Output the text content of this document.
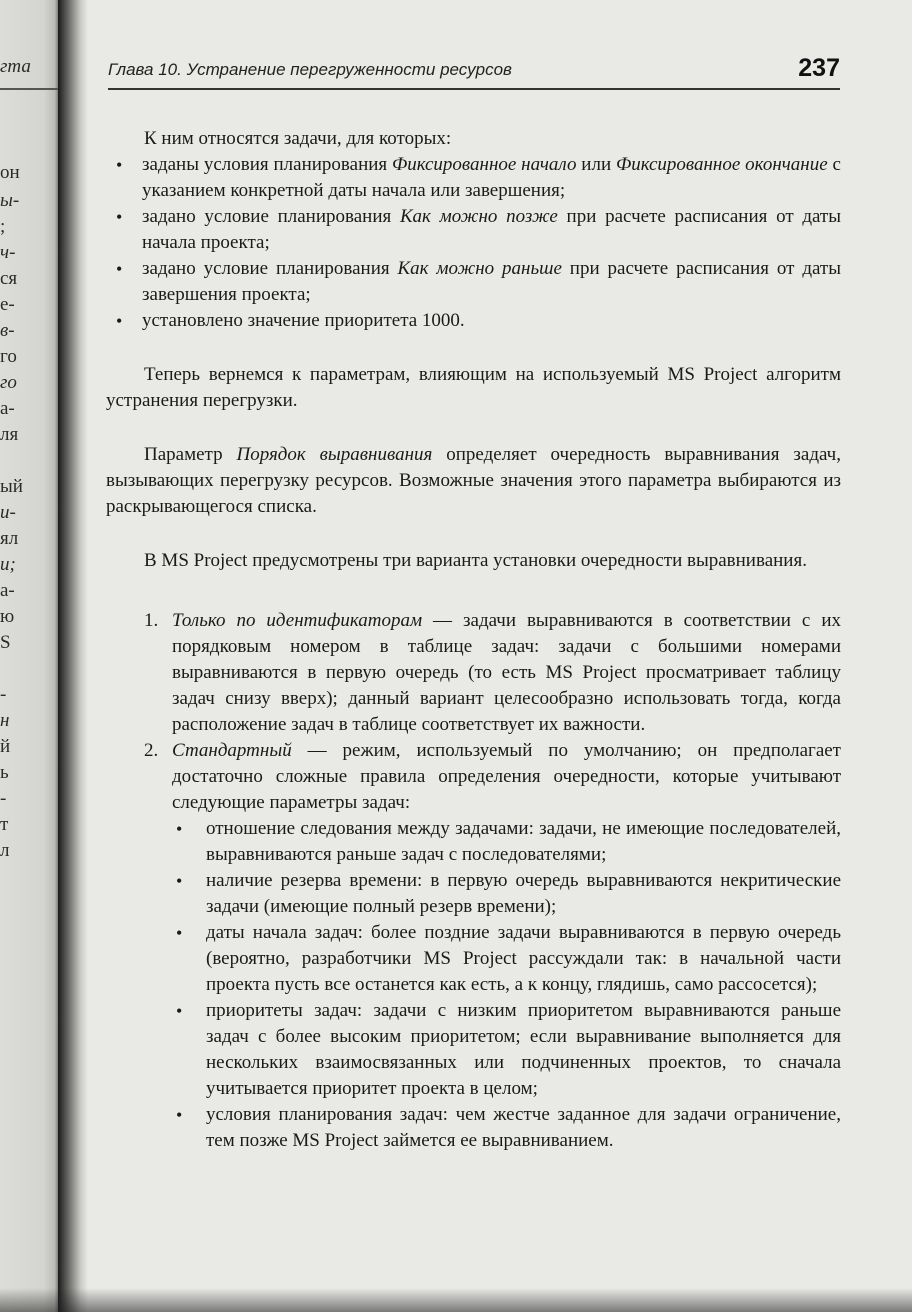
гта
он
ы-
;
ч-
ся
е-
в-
го
го
а-
ля
ый
и-
ял
и;
а-
ю
S
-
н
й
ь
-
т
л
Глава 10. Устранение перегруженности ресурсов	237

К ним относятся задачи, для которых:

• заданы условия планирования Фиксированное начало или Фиксированное окончание с указанием конкретной даты начала или завершения;
• задано условие планирования Как можно позже при расчете расписания от даты начала проекта;
• задано условие планирования Как можно раньше при расчете расписания от даты завершения проекта;
• установлено значение приоритета 1000.

Теперь вернемся к параметрам, влияющим на используемый MS Project алгоритм устранения перегрузки.

Параметр Порядок выравнивания определяет очередность выравнивания задач, вызывающих перегрузку ресурсов. Возможные значения этого параметра выбираются из раскрывающегося списка.

В MS Project предусмотрены три варианта установки очередности выравнивания.

1. Только по идентификаторам — задачи выравниваются в соответствии с их порядковым номером в таблице задач: задачи с большими номерами выравниваются в первую очередь (то есть MS Project просматривает таблицу задач снизу вверх); данный вариант целесообразно использовать тогда, когда расположение задач в таблице соответствует их важности.
2. Стандартный — режим, используемый по умолчанию; он предполагает достаточно сложные правила определения очередности, которые учитывают следующие параметры задач:
• отношение следования между задачами: задачи, не имеющие последователей, выравниваются раньше задач с последователями;
• наличие резерва времени: в первую очередь выравниваются некритические задачи (имеющие полный резерв времени);
• даты начала задач: более поздние задачи выравниваются в первую очередь (вероятно, разработчики MS Project рассуждали так: в начальной части проекта пусть все останется как есть, а к концу, глядишь, само рассосется);
• приоритеты задач: задачи с низким приоритетом выравниваются раньше задач с более высоким приоритетом; если выравнивание выполняется для нескольких взаимосвязанных или подчиненных проектов, то сначала учитывается приоритет проекта в целом;
• условия планирования задач: чем жестче заданное для задачи ограничение, тем позже MS Project займется ее выравниванием.
